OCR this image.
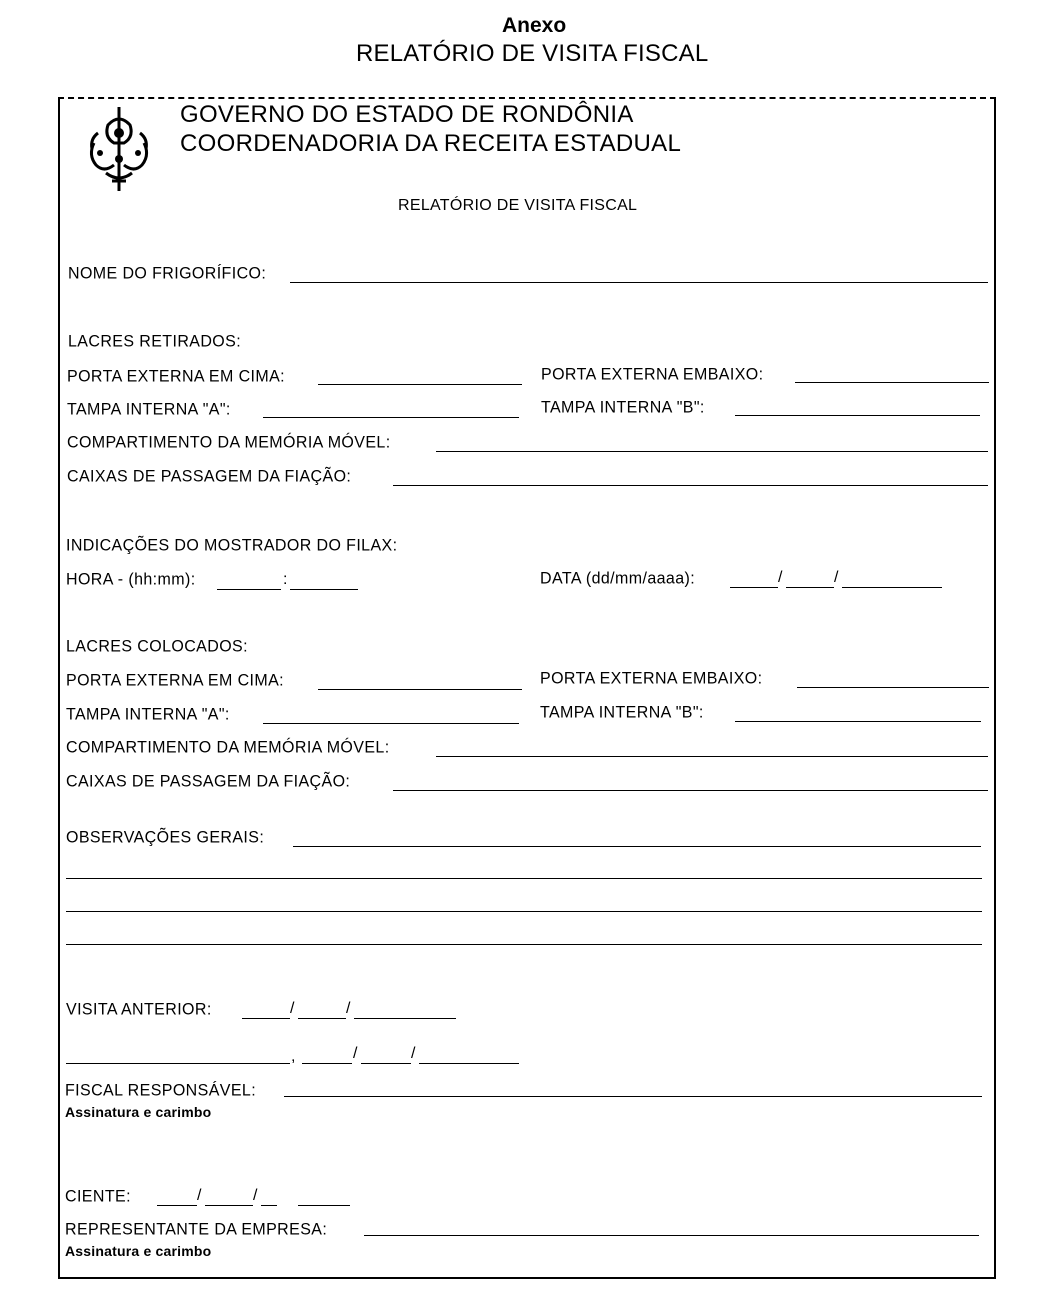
Anexo
RELATÓRIO DE VISITA FISCAL
GOVERNO DO ESTADO DE RONDÔNIA
COORDENADORIA DA RECEITA ESTADUAL
RELATÓRIO DE VISITA FISCAL
NOME DO FRIGORÍFICO:
LACRES RETIRADOS:
PORTA EXTERNA EM CIMA:	PORTA EXTERNA EMBAIXO:
TAMPA INTERNA "A":	TAMPA INTERNA "B":
COMPARTIMENTO DA MEMÓRIA MÓVEL:
CAIXAS DE PASSAGEM DA FIAÇÃO:
INDICAÇÕES DO MOSTRADOR DO FILAX:
HORA - (hh:mm):	:	DATA (dd/mm/aaaa):	/	/
LACRES COLOCADOS:
PORTA EXTERNA EM CIMA:	PORTA EXTERNA EMBAIXO:
TAMPA INTERNA "A":	TAMPA INTERNA "B":
COMPARTIMENTO DA MEMÓRIA MÓVEL:
CAIXAS DE PASSAGEM DA FIAÇÃO:
OBSERVAÇÕES GERAIS:
VISITA ANTERIOR:	/	/
,	/	/
FISCAL RESPONSÁVEL:
Assinatura e carimbo
CIENTE:	/	/
REPRESENTANTE DA EMPRESA:
Assinatura e carimbo
